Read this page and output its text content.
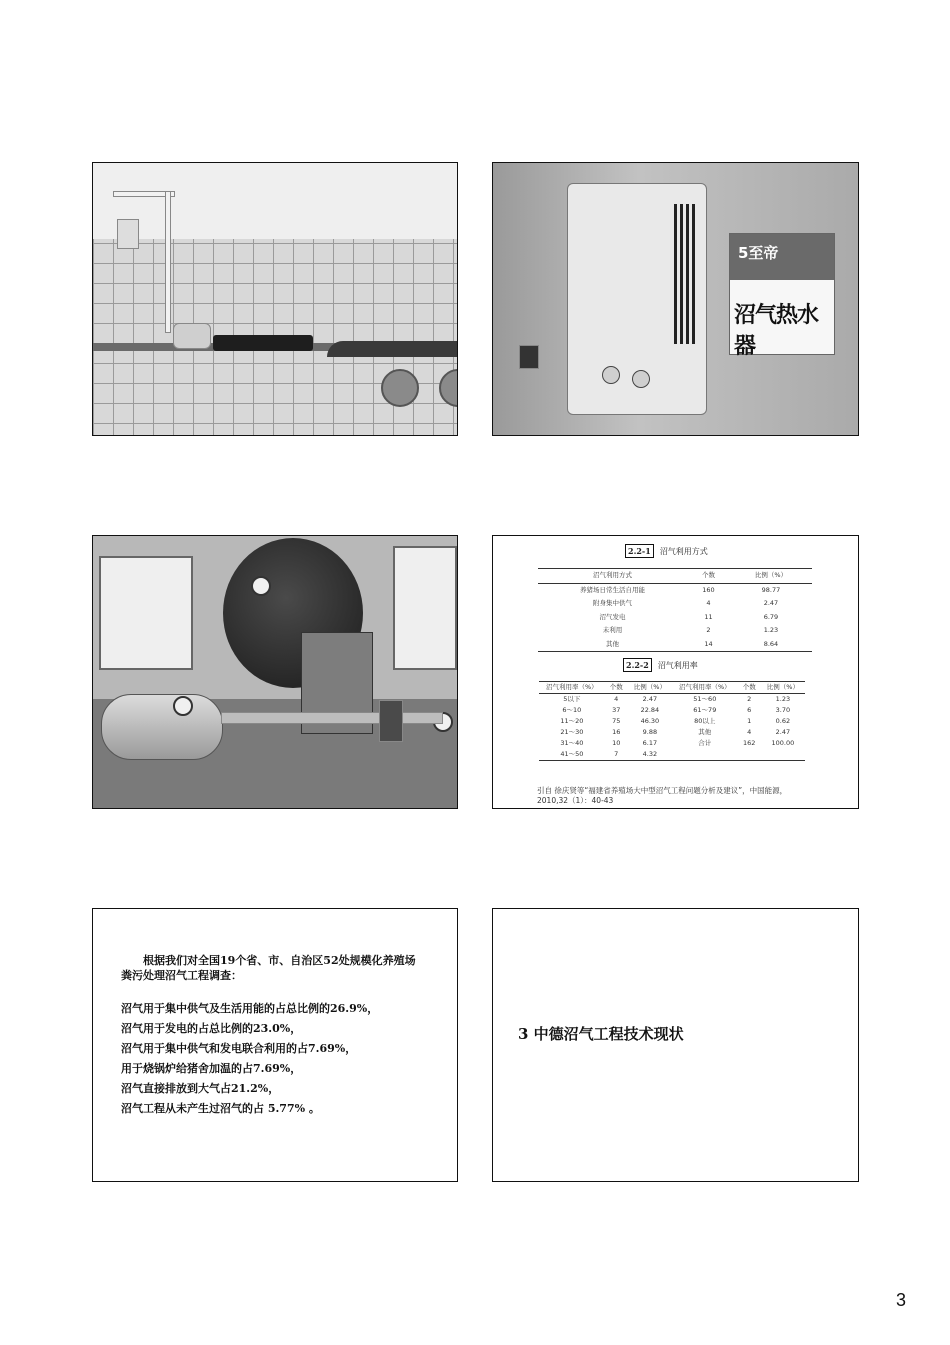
5至帝
沼气热水器
2.2-1	沼气利用方式
沼气利用方式	个数	比例（%）
养猪场日常生活自用能	160	98.77
附身集中供气	4	2.47
沼气发电	11	6.79
未利用	2	1.23
其他	14	8.64
2.2-2	沼气利用率
沼气利用率（%）	个数	比例（%）	沼气利用率（%）	个数	比例（%）
5以下	4	2.47	51～60	2	1.23
6～10	37	22.84	61～79	6	3.70
11～20	75	46.30	80以上	1	0.62
21～30	16	9.88	其他	4	2.47
31～40	10	6.17	合计	162	100.00
41～50	7	4.32			
引自 徐庆贤等“福建省养殖场大中型沼气工程问题分析及建议”，中国能源，2010,32（1）：40-43
根据我们对全国19个省、市、自治区52处规模化养殖场
粪污处理沼气工程调查：
沼气用于集中供气及生活用能的占总比例的26.9%，
沼气用于发电的占总比例的23.0%，
沼气用于集中供气和发电联合利用的占7.69%，
用于烧锅炉给猪舍加温的占7.69%，
沼气直接排放到大气占21.2%，
沼气工程从未产生过沼气的占 5.77% 。
3 中德沼气工程技术现状
3
